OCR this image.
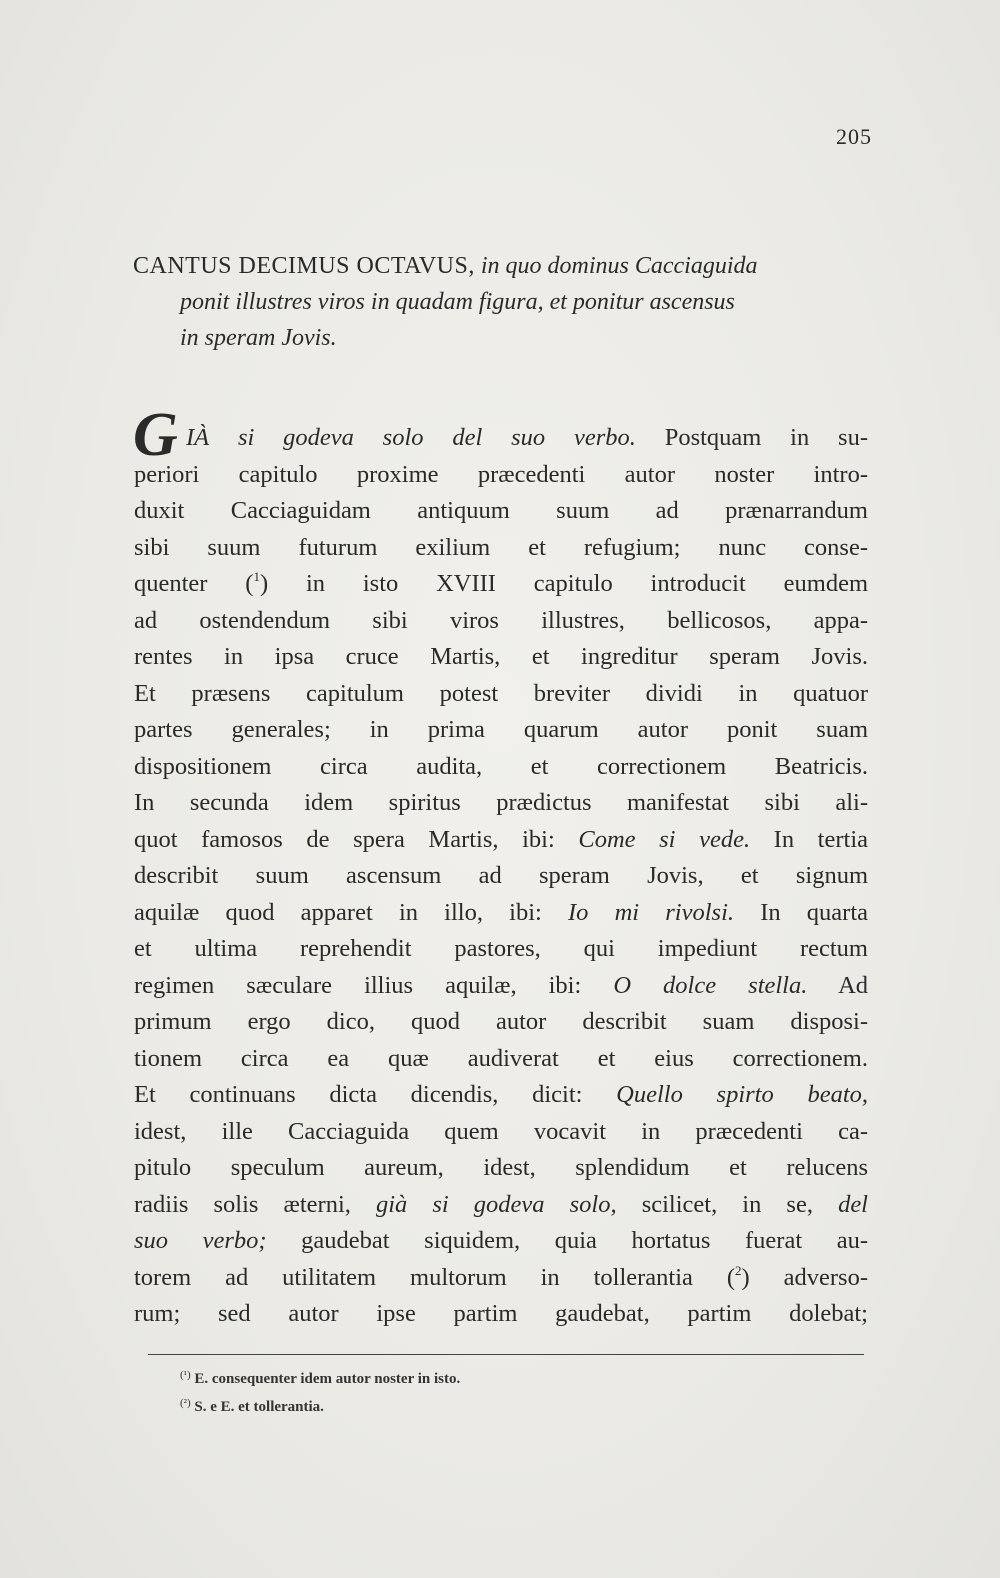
205
CANTUS DECIMUS OCTAVUS, in quo dominus Cacciaguida
ponit illustres viros in quadam figura, et ponitur ascensus
in speram Jovis.
G IÀ si godeva solo del suo verbo. Postquam in su-
periori capitulo proxime præcedenti autor noster intro-
duxit Cacciaguidam antiquum suum ad prænarrandum
sibi suum futurum exilium et refugium; nunc conse-
quenter ($^1$) in isto XVIII capitulo introducit eumdem
ad ostendendum sibi viros illustres, bellicosos, appa-
rentes in ipsa cruce Martis, et ingreditur speram Jovis.
Et præsens capitulum potest breviter dividi in quatuor
partes generales; in prima quarum autor ponit suam
dispositionem circa audita, et correctionem Beatricis.
In secunda idem spiritus prædictus manifestat sibi ali-
quot famosos de spera Martis, ibi: Come si vede. In tertia
describit suum ascensum ad speram Jovis, et signum
aquilæ quod apparet in illo, ibi: Io mi rivolsi. In quarta
et ultima reprehendit pastores, qui impediunt rectum
regimen sæculare illius aquilæ, ibi: O dolce stella. Ad
primum ergo dico, quod autor describit suam disposi-
tionem circa ea quæ audiverat et eius correctionem.
Et continuans dicta dicendis, dicit: Quello spirto beato,
idest, ille Cacciaguida quem vocavit in præcedenti ca-
pitulo speculum aureum, idest, splendidum et relucens
radiis solis æterni, già si godeva solo, scilicet, in se, del
suo verbo; gaudebat siquidem, quia hortatus fuerat au-
torem ad utilitatem multorum in tollerantia ($^2$) adverso-
rum; sed autor ipse partim gaudebat, partim dolebat;
$^{(^1)}$ E. consequenter idem autor noster in isto.
$^{(^2)}$ S. e E. et tollerantia.
